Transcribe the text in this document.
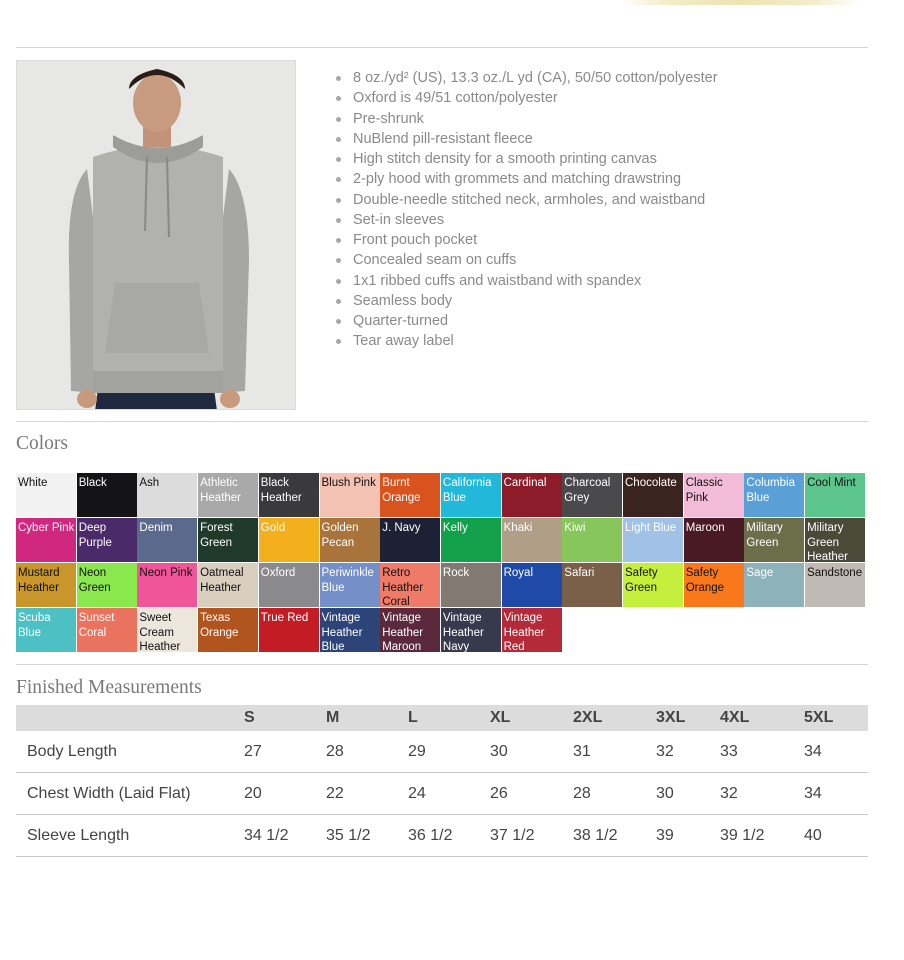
8 oz./yd² (US), 13.3 oz./L yd (CA), 50/50 cotton/polyester
Oxford is 49/51 cotton/polyester
Pre-shrunk
NuBlend pill-resistant fleece
High stitch density for a smooth printing canvas
2-ply hood with grommets and matching drawstring
Double-needle stitched neck, armholes, and waistband
Set-in sleeves
Front pouch pocket
Concealed seam on cuffs
1x1 ribbed cuffs and waistband with spandex
Seamless body
Quarter-turned
Tear away label
Colors
White	Black	Ash	Athletic Heather
Black Heather
Blush Pink Burnt Orange
California Blue
Cardinal	Charcoal Grey
Chocolate Classic Pink
Columbia Blue
Cool Mint
Cyber Pink Deep Purple
Denim	Forest Green
Gold	Golden Pecan
J. Navy	Kelly	Khaki	Kiwi	Light Blue Maroon	Military Green
Military Green Heather
Mustard Heather
Neon Green
Neon Pink Oatmeal Heather
Oxford	Periwinkle Blue
Retro Heather Coral
Rock	Royal	Safari	Safety Green
Safety Orange
Sage	Sandstone
Scuba Blue
Sunset Coral
Sweet Cream Heather
Texas Orange
True Red	Vintage Heather Blue
Vintage Heather Maroon
Vintage Heather Navy
Vintage Heather Red
Finished Measurements
	S	M	L	XL	2XL	3XL	4XL	5XL
Body Length	27	28	29	30	31	32	33	34
Chest Width (Laid Flat)	20	22	24	26	28	30	32	34
Sleeve Length	34 1/2	35 1/2	36 1/2	37 1/2	38 1/2	39	39 1/2	40
